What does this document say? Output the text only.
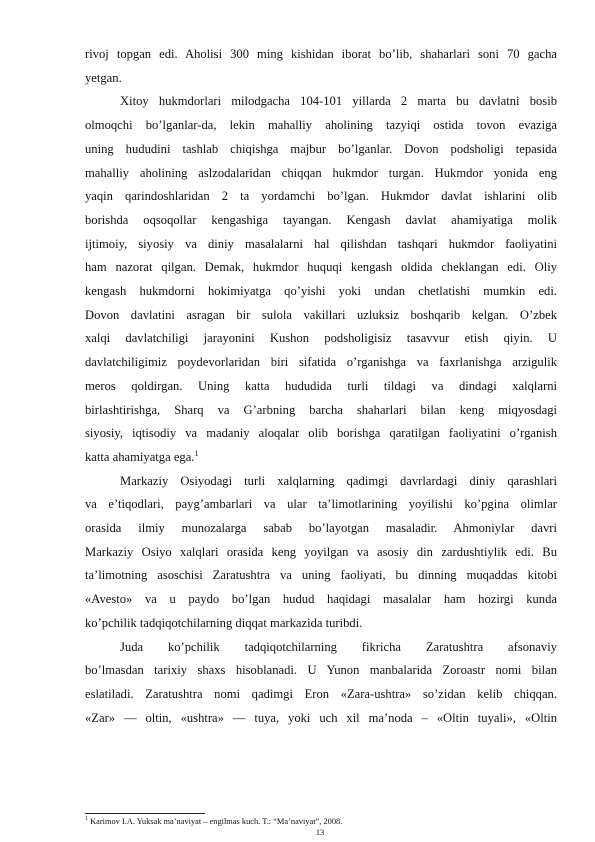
rivoj topgan edi. Aholisi 300 ming kishidan iborat bo’lib, shaharlari soni 70 gacha

yetgan.

Xitoy hukmdorlari milodgacha 104-101 yillarda 2 marta bu davlatni bosib

olmoqchi bo’lganlar-da, lekin mahalliy aholining tazyiqi ostida tovon evaziga

uning hududini tashlab chiqishga majbur bo’lganlar. Dovon podsholigi tepasida

mahalliy aholining aslzodalaridan chiqqan hukmdor turgan. Hukmdor yonida eng

yaqin qarindoshlaridan 2 ta yordamchi bo’lgan. Hukmdor davlat ishlarini olib

borishda oqsoqollar kengashiga tayangan. Kengash davlat ahamiyatiga molik

ijtimoiy, siyosiy va diniy masalalarni hal qilishdan tashqari hukmdor faoliyatini

ham nazorat qilgan. Demak, hukmdor huquqi kengash oldida cheklangan edi. Oliy

kengash hukmdorni hokimiyatga qo’yishi yoki undan chetlatishi mumkin edi.

Dovon davlatini asragan bir sulola vakillari uzluksiz boshqarib kelgan. O’zbek

xalqi davlatchiligi jarayonini Kushon podsholigisiz tasavvur etish qiyin. U

davlatchiligimiz poydevorlaridan biri sifatida o’rganishga va faxrlanishga arzigulik

meros qoldirgan. Uning katta hududida turli tildagi va dindagi xalqlarni

birlashtirishga, Sharq va G’arbning barcha shaharlari bilan keng miqyosdagi

siyosiy, iqtisodiy va madaniy aloqalar olib borishga qaratilgan faoliyatini o’rganish

katta ahamiyatga ega.$^1$

Markaziy Osiyodagi turli xalqlarning qadimgi davrlardagi diniy qarashlari

va e’tiqodlari, payg’ambarlari va ular ta’limotlarining yoyilishi ko’pgina olimlar

orasida ilmiy munozalarga sabab bo’layotgan masaladir. Ahmoniylar davri

Markaziy Osiyo xalqlari orasida keng yoyilgan va asosiy din zardushtiylik edi. Bu

ta’limotning asoschisi Zaratushtra va uning faoliyati, bu dinning muqaddas kitobi

«Avesto» va u paydo bo’lgan hudud haqidagi masalalar ham hozirgi kunda

ko’pchilik tadqiqotchilarning diqqat markazida turibdi.

Juda ko’pchilik tadqiqotchilarning fikricha Zaratushtra afsonaviy

bo’lmasdan tarixiy shaxs hisoblanadi. U Yunon manbalarida Zoroastr nomi bilan

eslatiladi. Zaratushtra nomi qadimgi Eron «Zara-ushtra» so’zidan kelib chiqqan.

«Zar» — oltin, «ushtra» — tuya, yoki uch xil ma’noda – «Oltin tuyali», «Oltin

$^1$ Karimov I.A. Yuksak ma’naviyat – engilmas kuch. T.: “Ma’naviyat”, 2008.
13
